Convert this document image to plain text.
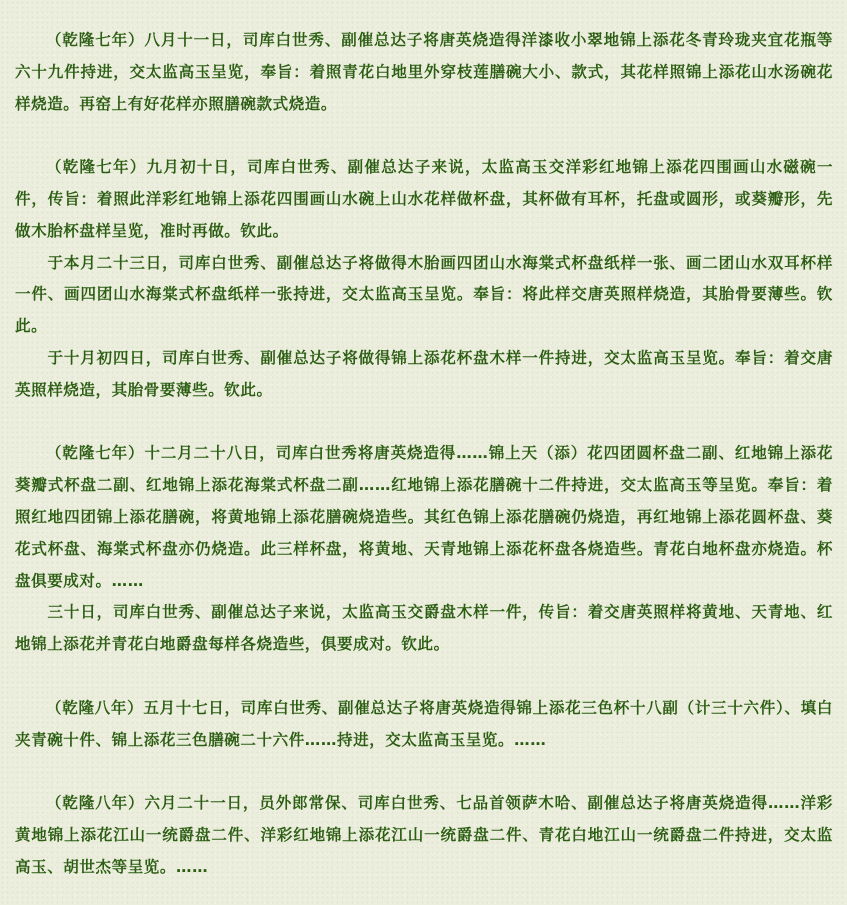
（乾隆七年）八月十一日，司库白世秀、副催总达子将唐英烧造得洋漆收小翠地锦上添花冬青玲珑夹宜花瓶等六十九件持进，交太监高玉呈览，奉旨：着照青花白地里外穿枝莲膳碗大小、款式，其花样照锦上添花山水汤碗花样烧造。再窑上有好花样亦照膳碗款式烧造。

（乾隆七年）九月初十日，司库白世秀、副催总达子来说，太监高玉交洋彩红地锦上添花四围画山水磁碗一件，传旨：着照此洋彩红地锦上添花四围画山水碗上山水花样做杯盘，其杯做有耳杯，托盘或圆形，或葵瓣形，先做木胎杯盘样呈览，准时再做。钦此。

于本月二十三日，司库白世秀、副催总达子将做得木胎画四团山水海棠式杯盘纸样一张、画二团山水双耳杯样一件、画四团山水海棠式杯盘纸样一张持进，交太监高玉呈览。奉旨：将此样交唐英照样烧造，其胎骨要薄些。钦此。

于十月初四日，司库白世秀、副催总达子将做得锦上添花杯盘木样一件持进，交太监高玉呈览。奉旨：着交唐英照样烧造，其胎骨要薄些。钦此。

（乾隆七年）十二月二十八日，司库白世秀将唐英烧造得……锦上天（添）花四团圆杯盘二副、红地锦上添花葵瓣式杯盘二副、红地锦上添花海棠式杯盘二副……红地锦上添花膳碗十二件持进，交太监高玉等呈览。奉旨：着照红地四团锦上添花膳碗，将黄地锦上添花膳碗烧造些。其红色锦上添花膳碗仍烧造，再红地锦上添花圆杯盘、葵花式杯盘、海棠式杯盘亦仍烧造。此三样杯盘，将黄地、天青地锦上添花杯盘各烧造些。青花白地杯盘亦烧造。杯盘俱要成对。……

三十日，司库白世秀、副催总达子来说，太监高玉交爵盘木样一件，传旨：着交唐英照样将黄地、天青地、红地锦上添花并青花白地爵盘每样各烧造些，俱要成对。钦此。

（乾隆八年）五月十七日，司库白世秀、副催总达子将唐英烧造得锦上添花三色杯十八副（计三十六件）、填白夹青碗十件、锦上添花三色膳碗二十六件……持进，交太监高玉呈览。……

（乾隆八年）六月二十一日，员外郎常保、司库白世秀、七品首领萨木哈、副催总达子将唐英烧造得……洋彩黄地锦上添花江山一统爵盘二件、洋彩红地锦上添花江山一统爵盘二件、青花白地江山一统爵盘二件持进，交太监高玉、胡世杰等呈览。……
